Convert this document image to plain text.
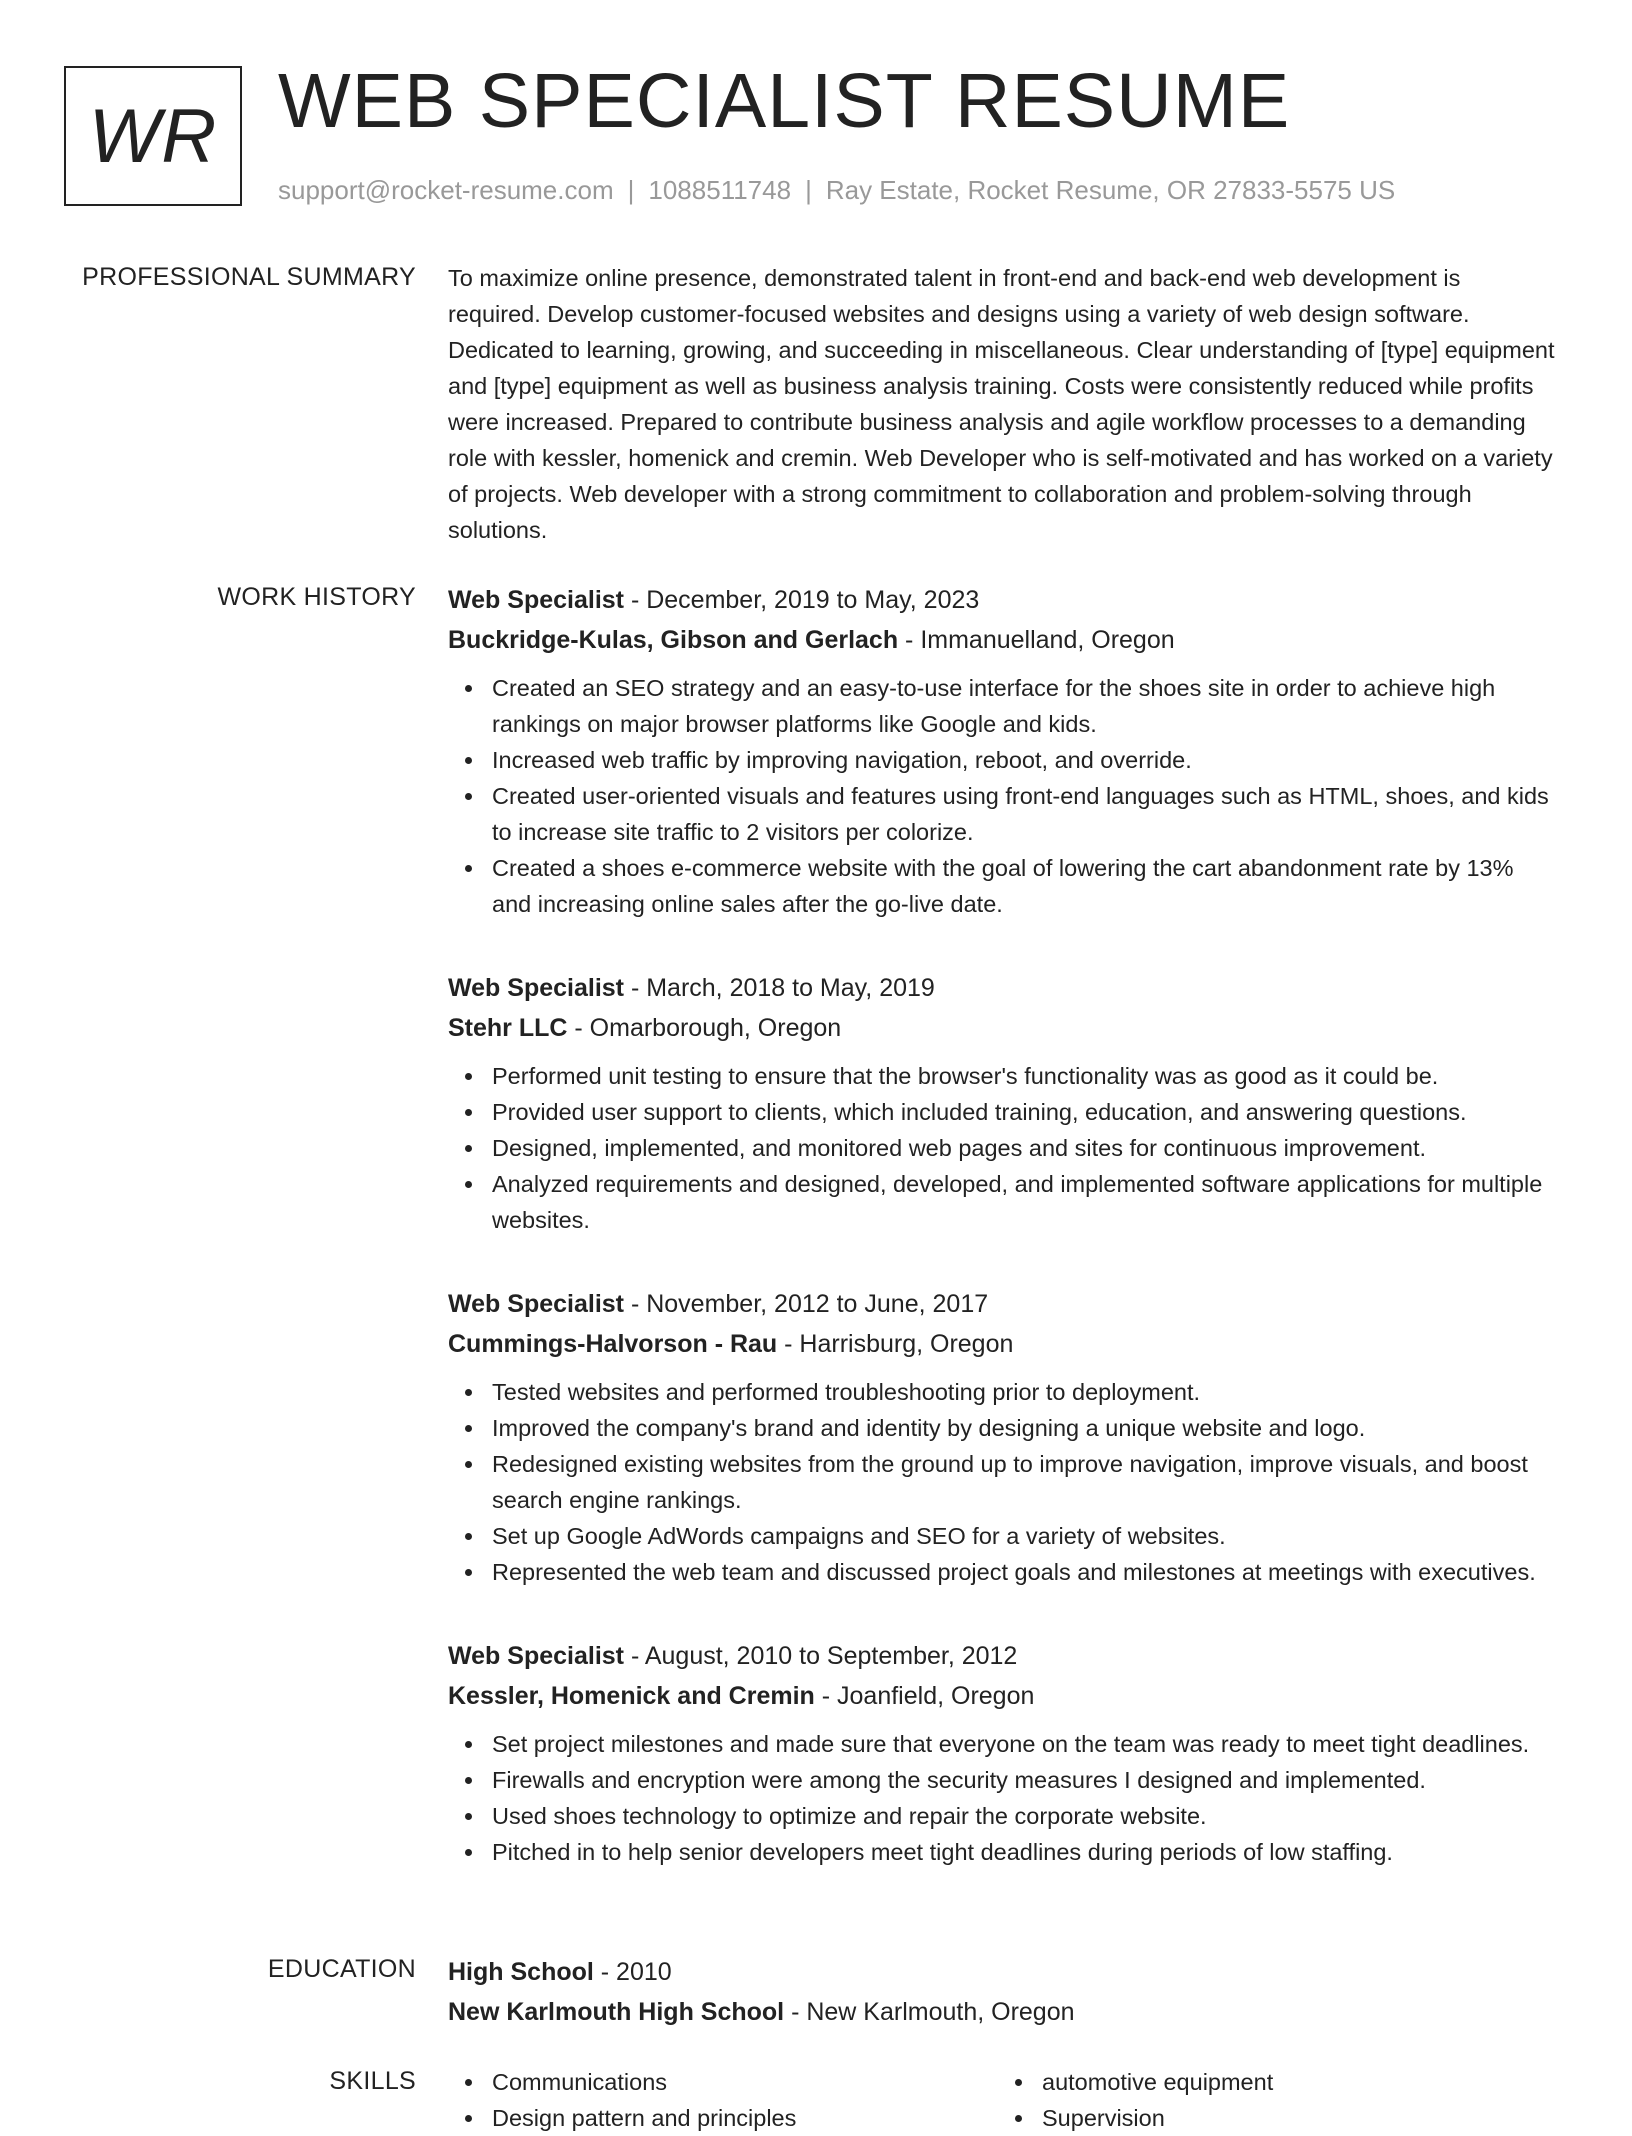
WR WEB SPECIALIST RESUME
support@rocket-resume.com | 1088511748 | Ray Estate, Rocket Resume, OR 27833-5575 US
PROFESSIONAL SUMMARY To maximize online presence, demonstrated talent in front-end and back-end web development is required. Develop customer-focused websites and designs using a variety of web design software. Dedicated to learning, growing, and succeeding in miscellaneous. Clear understanding of [type] equipment and [type] equipment as well as business analysis training. Costs were consistently reduced while profits were increased. Prepared to contribute business analysis and agile workflow processes to a demanding role with kessler, homenick and cremin. Web Developer who is self-motivated and has worked on a variety of projects. Web developer with a strong commitment to collaboration and problem-solving through solutions.

WORK HISTORY Web Specialist - December, 2019 to May, 2023

Buckridge-Kulas, Gibson and Gerlach - Immanuelland, Oregon

Created an SEO strategy and an easy-to-use interface for the shoes site in order to achieve high rankings on major browser platforms like Google and kids.
Increased web traffic by improving navigation, reboot, and override.
Created user-oriented visuals and features using front-end languages such as HTML, shoes, and kids to increase site traffic to 2 visitors per colorize.
Created a shoes e-commerce website with the goal of lowering the cart abandonment rate by 13% and increasing online sales after the go-live date.

Web Specialist - March, 2018 to May, 2019

Stehr LLC - Omarborough, Oregon

Performed unit testing to ensure that the browser's functionality was as good as it could be.
Provided user support to clients, which included training, education, and answering questions.
Designed, implemented, and monitored web pages and sites for continuous improvement.
Analyzed requirements and designed, developed, and implemented software applications for multiple websites.

Web Specialist - November, 2012 to June, 2017

Cummings-Halvorson - Rau - Harrisburg, Oregon

Tested websites and performed troubleshooting prior to deployment.
Improved the company's brand and identity by designing a unique website and logo.
Redesigned existing websites from the ground up to improve navigation, improve visuals, and boost search engine rankings.
Set up Google AdWords campaigns and SEO for a variety of websites.
Represented the web team and discussed project goals and milestones at meetings with executives.

Web Specialist - August, 2010 to September, 2012

Kessler, Homenick and Cremin - Joanfield, Oregon

Set project milestones and made sure that everyone on the team was ready to meet tight deadlines.
Firewalls and encryption were among the security measures I designed and implemented.
Used shoes technology to optimize and repair the corporate website.
Pitched in to help senior developers meet tight deadlines during periods of low staffing.
EDUCATION High School - 2010

New Karlmouth High School - New Karlmouth, Oregon

SKILLS	Communications
Design pattern and principles
automotive equipment
Supervision
